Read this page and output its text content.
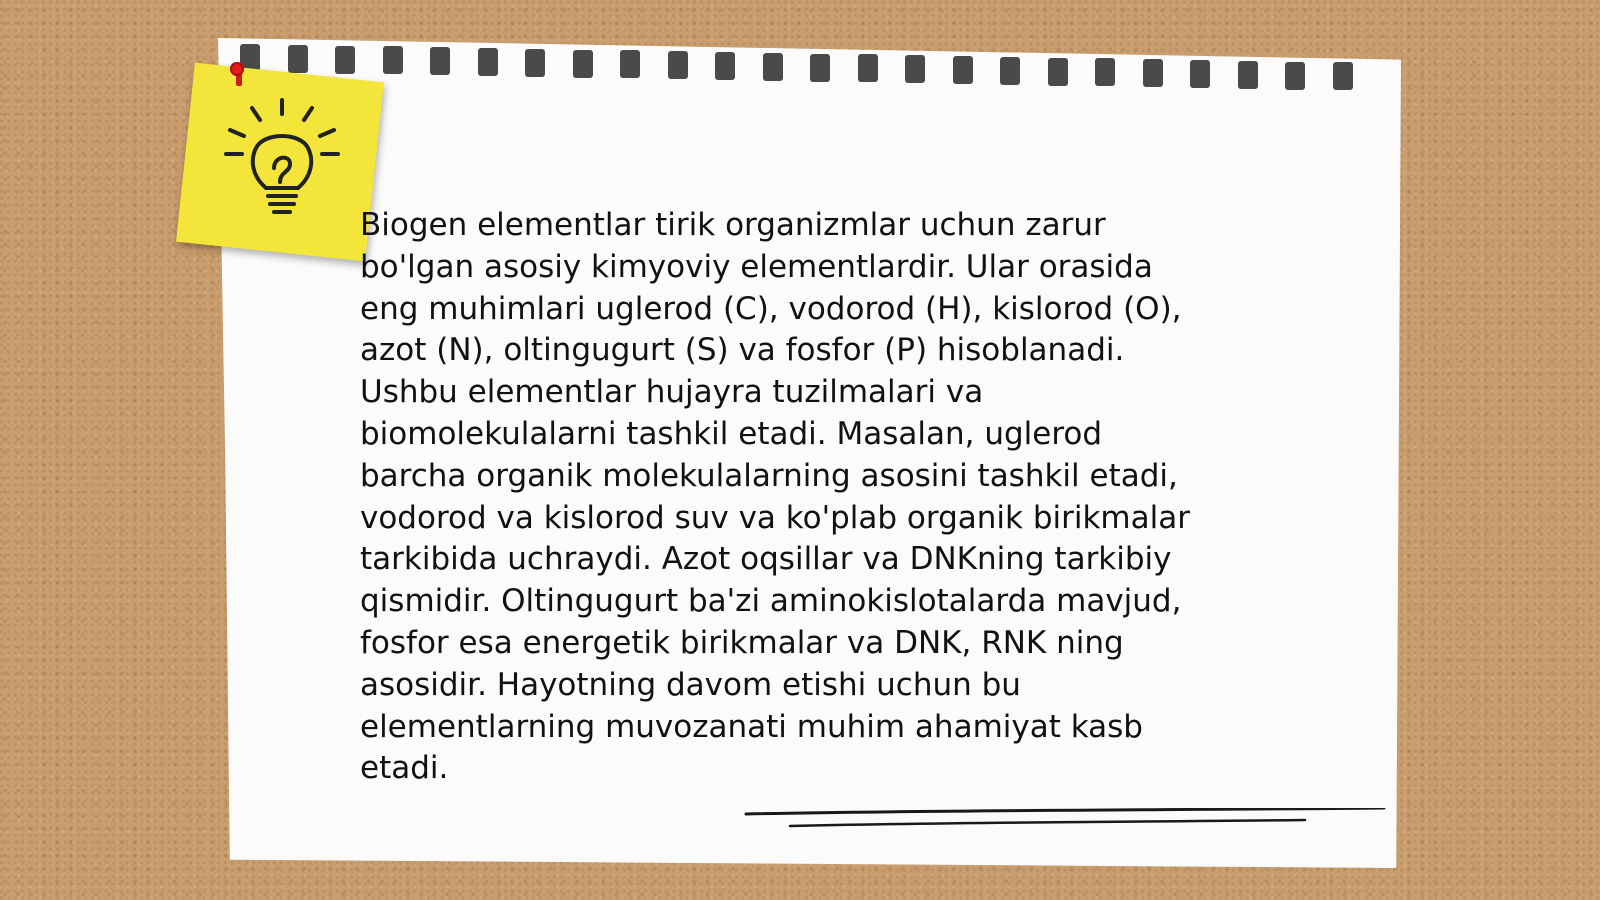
Biogen elementlar tirik organizmlar uchun zarur
bo'lgan asosiy kimyoviy elementlardir. Ular orasida
eng muhimlari uglerod (C), vodorod (H), kislorod (O),
azot (N), oltingugurt (S) va fosfor (P) hisoblanadi.
Ushbu elementlar hujayra tuzilmalari va
biomolekulalarni tashkil etadi. Masalan, uglerod
barcha organik molekulalarning asosini tashkil etadi,
vodorod va kislorod suv va ko'plab organik birikmalar
tarkibida uchraydi. Azot oqsillar va DNKning tarkibiy
qismidir. Oltingugurt ba'zi aminokislotalarda mavjud,
fosfor esa energetik birikmalar va DNK, RNK ning
asosidir. Hayotning davom etishi uchun bu
elementlarning muvozanati muhim ahamiyat kasb
etadi.
